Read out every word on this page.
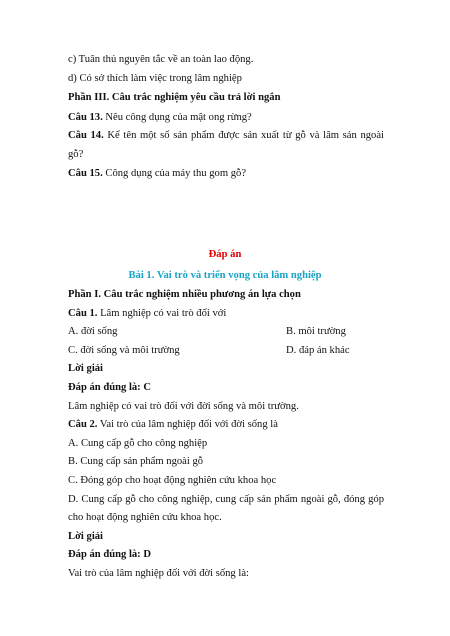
c) Tuân thủ nguyên tắc về an toàn lao động.
d) Có sở thích làm việc trong lâm nghiệp
Phần III. Câu trắc nghiệm yêu cầu trả lời ngắn
Câu 13. Nêu công dụng của mật ong rừng?
Câu 14. Kể tên một số sản phẩm được sản xuất từ gỗ và lâm sản ngoài
gỗ?
Câu 15. Công dụng của máy thu gom gỗ?
Đáp án
Bài 1. Vai trò và triển vọng của lâm nghiệp
Phần I. Câu trắc nghiệm nhiều phương án lựa chọn
Câu 1. Lâm nghiệp có vai trò đối với
A. đời sống	B. môi trường
C. đời sống và môi trường	D. đáp án khác
Lời giải
Đáp án đúng là: C
Lâm nghiệp có vai trò đối với đời sống và môi trường.
Câu 2. Vai trò của lâm nghiệp đối với đời sống là
A. Cung cấp gỗ cho công nghiệp
B. Cung cấp sản phẩm ngoài gỗ
C. Đóng góp cho hoạt động nghiên cứu khoa học
D. Cung cấp gỗ cho công nghiệp, cung cấp sản phẩm ngoài gỗ, đóng góp
cho hoạt động nghiên cứu khoa học.
Lời giải
Đáp án đúng là: D
Vai trò của lâm nghiệp đối với đời sống là:
